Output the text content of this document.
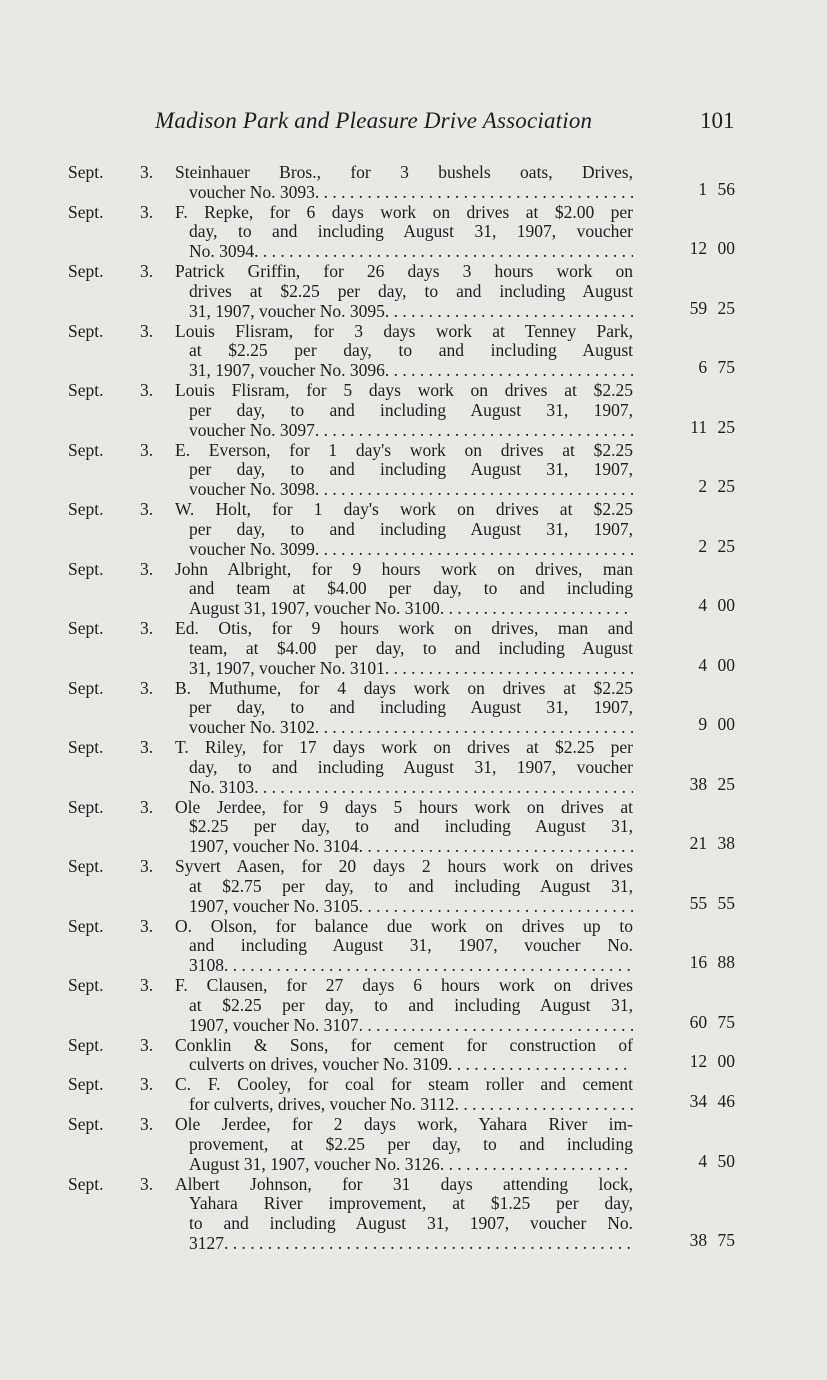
Madison Park and Pleasure Drive Association	101
Sept. 3. Steinhauer Bros., for 3 bushels oats, Drives,
voucher No. 3093 . . .	1 56
Sept. 3. F. Repke, for 6 days work on drives at $2.00 per
day, to and including August 31, 1907, voucher
No. 3094 . . .	12 00
Sept. 3. Patrick Griffin, for 26 days 3 hours work on
drives at $2.25 per day, to and including August
31, 1907, voucher No. 3095 . . .	59 25
Sept. 3. Louis Flisram, for 3 days work at Tenney Park,
at $2.25 per day, to and including August
31, 1907, voucher No. 3096 . . .	6 75
Sept. 3. Louis Flisram, for 5 days work on drives at $2.25
per day, to and including August 31, 1907,
voucher No. 3097 . . .	11 25
Sept. 3. E. Everson, for 1 day's work on drives at $2.25
per day, to and including August 31, 1907,
voucher No. 3098 . . .	2 25
Sept. 3. W. Holt, for 1 day's work on drives at $2.25
per day, to and including August 31, 1907,
voucher No. 3099 . . .	2 25
Sept. 3. John Albright, for 9 hours work on drives, man
and team at $4.00 per day, to and including
August 31, 1907, voucher No. 3100 . . .	4 00
Sept. 3. Ed. Otis, for 9 hours work on drives, man and
team, at $4.00 per day, to and including August
31, 1907, voucher No. 3101 . . .	4 00
Sept. 3. B. Muthume, for 4 days work on drives at $2.25
per day, to and including August 31, 1907,
voucher No. 3102 . . .	9 00
Sept. 3. T. Riley, for 17 days work on drives at $2.25 per
day, to and including August 31, 1907, voucher
No. 3103 . . .	38 25
Sept. 3. Ole Jerdee, for 9 days 5 hours work on drives at
$2.25 per day, to and including August 31,
1907, voucher No. 3104 . . .	21 38
Sept. 3. Syvert Aasen, for 20 days 2 hours work on drives
at $2.75 per day, to and including August 31,
1907, voucher No. 3105 . . .	55 55
Sept. 3. O. Olson, for balance due work on drives up to
and including August 31, 1907, voucher No.
3108 . . .	16 88
Sept. 3. F. Clausen, for 27 days 6 hours work on drives
at $2.25 per day, to and including August 31,
1907, voucher No. 3107 . . .	60 75
Sept. 3. Conklin & Sons, for cement for construction of
culverts on drives, voucher No. 3109 . . .	12 00
Sept. 3. C. F. Cooley, for coal for steam roller and cement
for culverts, drives, voucher No. 3112 . . .	34 46
Sept. 3. Ole Jerdee, for 2 days work, Yahara River im-
provement, at $2.25 per day, to and including
August 31, 1907, voucher No. 3126 . . .	4 50
Sept. 3. Albert Johnson, for 31 days attending lock,
Yahara River improvement, at $1.25 per day,
to and including August 31, 1907, voucher No.
3127 . . .	38 75
